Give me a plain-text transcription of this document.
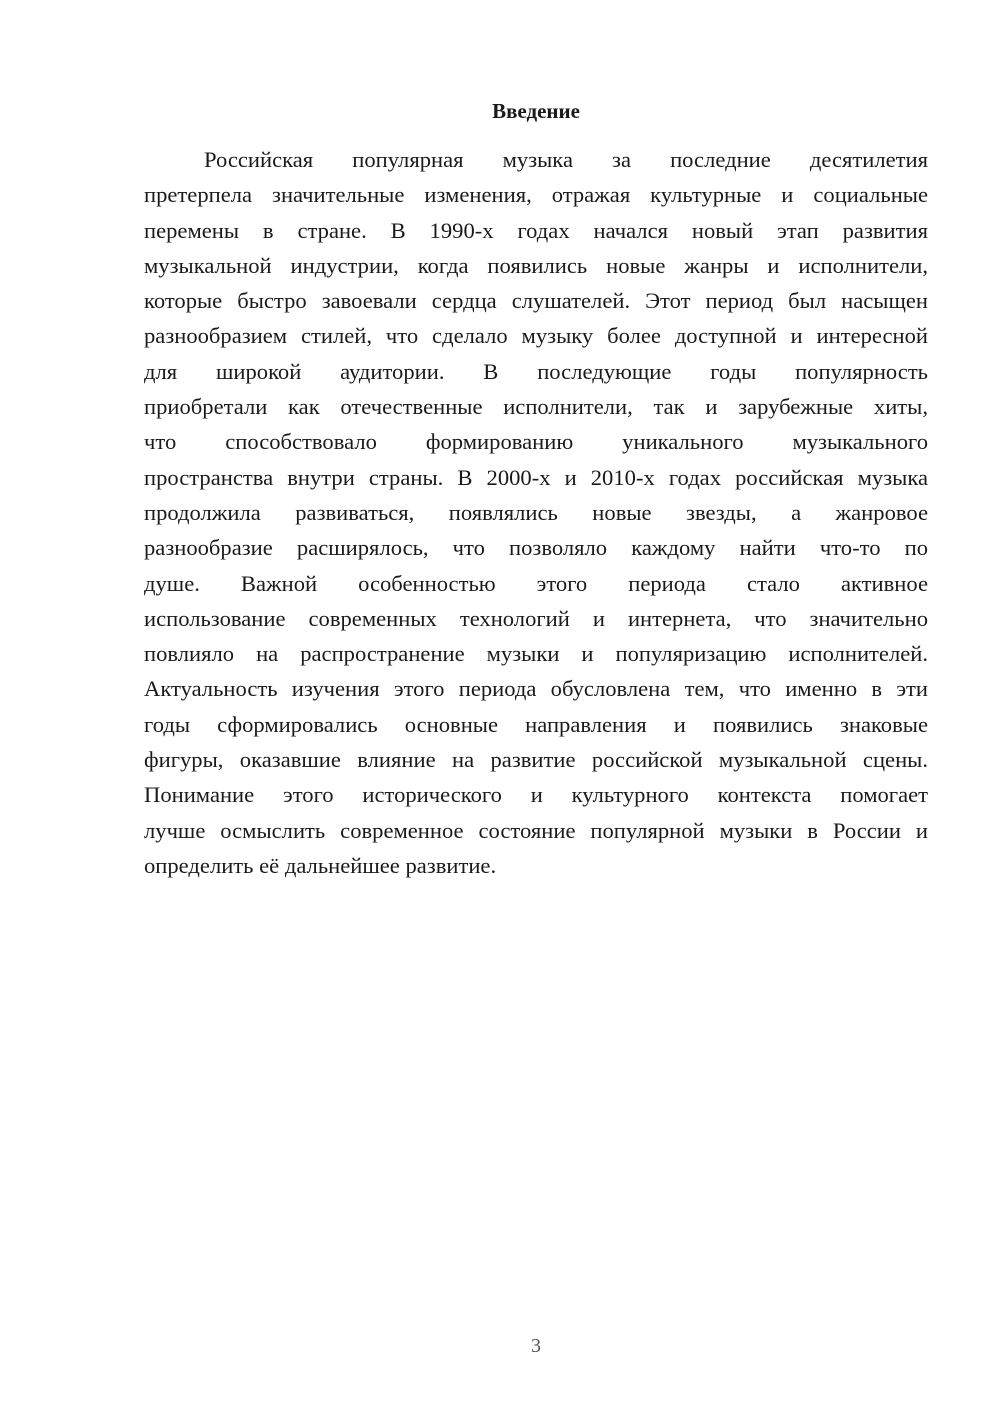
Введение
Российская популярная музыка за последние десятилетия
претерпела значительные изменения, отражая культурные и социальные
перемены в стране. В 1990-х годах начался новый этап развития
музыкальной индустрии, когда появились новые жанры и исполнители,
которые быстро завоевали сердца слушателей. Этот период был насыщен
разнообразием стилей, что сделало музыку более доступной и интересной
для широкой аудитории. В последующие годы популярность
приобретали как отечественные исполнители, так и зарубежные хиты,
что способствовало формированию уникального музыкального
пространства внутри страны. В 2000-х и 2010-х годах российская музыка
продолжила развиваться, появлялись новые звезды, а жанровое
разнообразие расширялось, что позволяло каждому найти что-то по
душе. Важной особенностью этого периода стало активное
использование современных технологий и интернета, что значительно
повлияло на распространение музыки и популяризацию исполнителей.
Актуальность изучения этого периода обусловлена тем, что именно в эти
годы сформировались основные направления и появились знаковые
фигуры, оказавшие влияние на развитие российской музыкальной сцены.
Понимание этого исторического и культурного контекста помогает
лучше осмыслить современное состояние популярной музыки в России и
определить её дальнейшее развитие.
3
